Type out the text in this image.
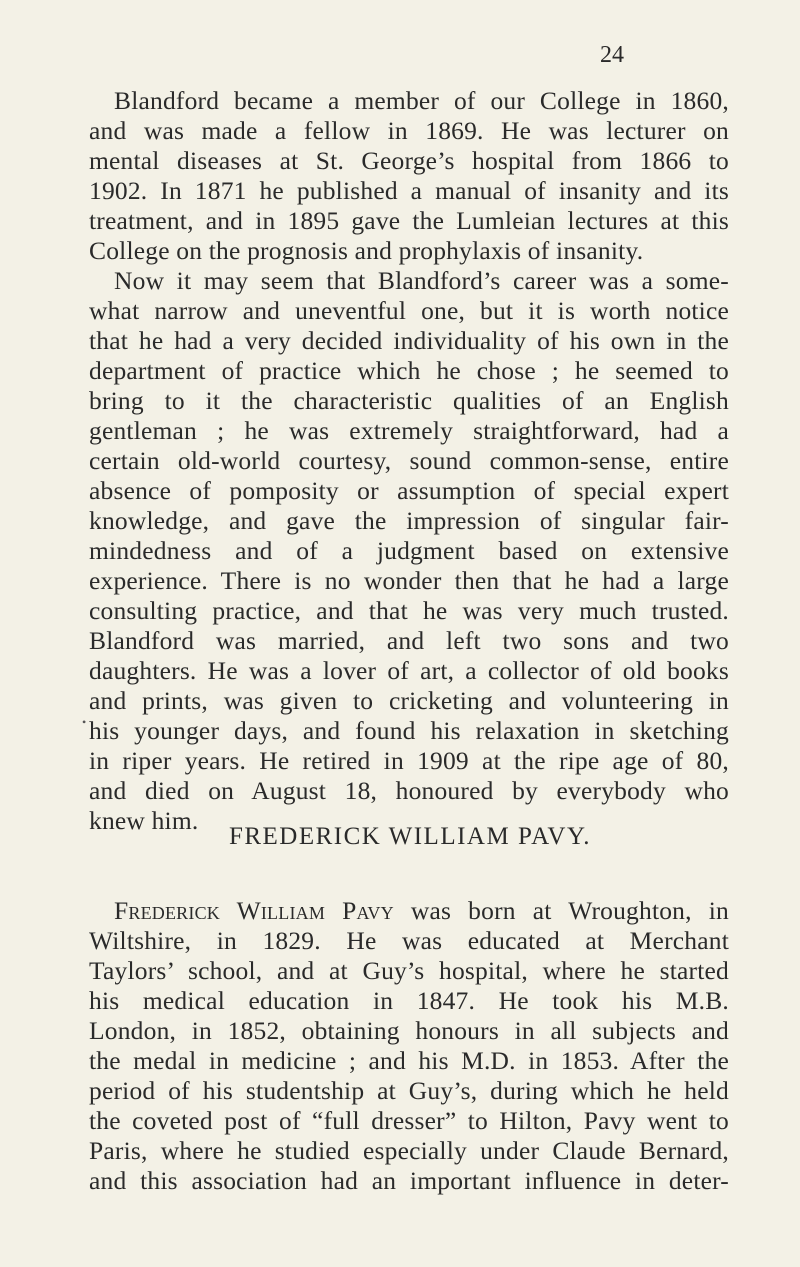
24
Blandford became a member of our College in 1860,
and was made a fellow in 1869. He was lecturer on
mental diseases at St. George’s hospital from 1866 to
1902. In 1871 he published a manual of insanity and its
treatment, and in 1895 gave the Lumleian lectures at this
College on the prognosis and prophylaxis of insanity.
Now it may seem that Blandford’s career was a some-
what narrow and uneventful one, but it is worth notice
that he had a very decided individuality of his own in the
department of practice which he chose ; he seemed to
bring to it the characteristic qualities of an English
gentleman ; he was extremely straightforward, had a
certain old-world courtesy, sound common-sense, entire
absence of pomposity or assumption of special expert
knowledge, and gave the impression of singular fair-
mindedness and of a judgment based on extensive
experience. There is no wonder then that he had a large
consulting practice, and that he was very much trusted.
Blandford was married, and left two sons and two
daughters. He was a lover of art, a collector of old books
and prints, was given to cricketing and volunteering in
his younger days, and found his relaxation in sketching
in riper years. He retired in 1909 at the ripe age of 80,
and died on August 18, honoured by everybody who
knew him.
•
FREDERICK WILLIAM PAVY.
Frederick William Pavy was born at Wroughton, in
Wiltshire, in 1829. He was educated at Merchant
Taylors’ school, and at Guy’s hospital, where he started
his medical education in 1847. He took his M.B.
London, in 1852, obtaining honours in all subjects and
the medal in medicine ; and his M.D. in 1853. After the
period of his studentship at Guy’s, during which he held
the coveted post of “full dresser” to Hilton, Pavy went to
Paris, where he studied especially under Claude Bernard,
and this association had an important influence in deter-
